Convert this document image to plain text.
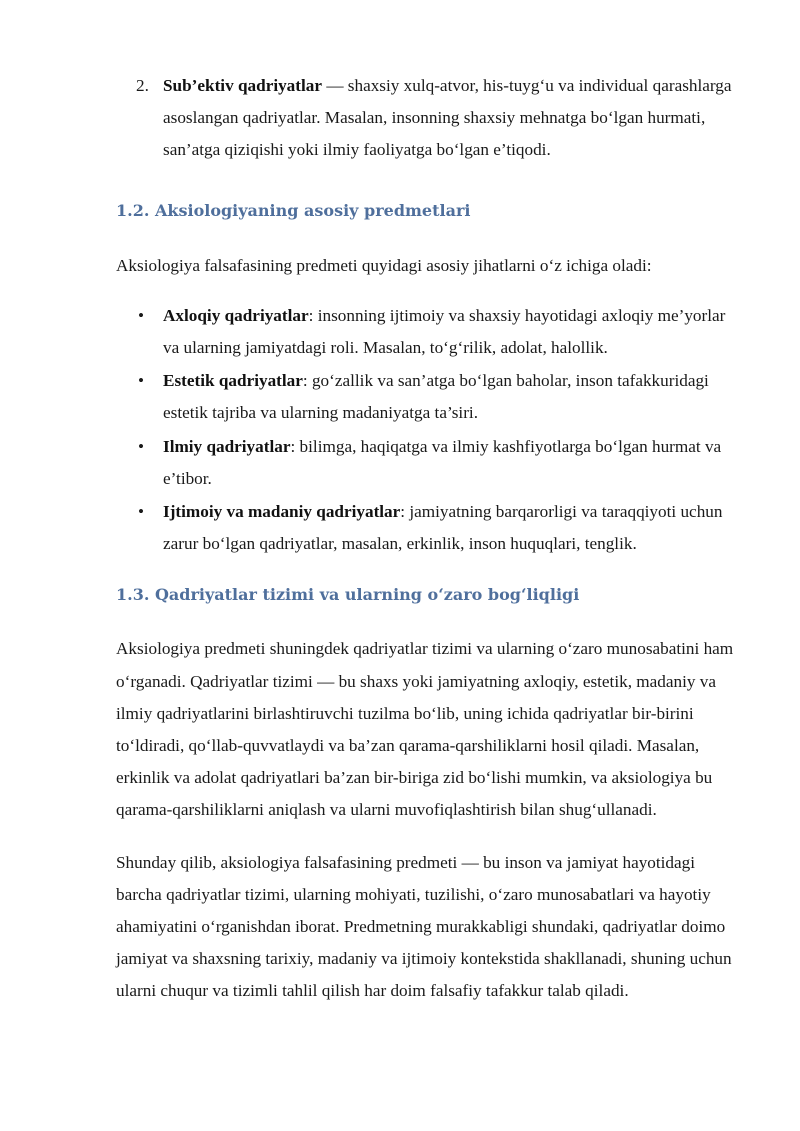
2. Sub’ektiv qadriyatlar — shaxsiy xulq-atvor, his-tuyg‘u va individual qarashlarga asoslangan qadriyatlar. Masalan, insonning shaxsiy mehnatga bo‘lgan hurmati, san’atga qiziqishi yoki ilmiy faoliyatga bo‘lgan e’tiqodi.

1.2. Aksiologiyaning asosiy predmetlari

Aksiologiya falsafasining predmeti quyidagi asosiy jihatlarni o‘z ichiga oladi:

• Axloqiy qadriyatlar: insonning ijtimoiy va shaxsiy hayotidagi axloqiy me’yorlar va ularning jamiyatdagi roli. Masalan, to‘g‘rilik, adolat, halollik.
• Estetik qadriyatlar: go‘zallik va san’atga bo‘lgan baholar, inson tafakkuridagi estetik tajriba va ularning madaniyatga ta’siri.
• Ilmiy qadriyatlar: bilimga, haqiqatga va ilmiy kashfiyotlarga bo‘lgan hurmat va e’tibor.
• Ijtimoiy va madaniy qadriyatlar: jamiyatning barqarorligi va taraqqiyoti uchun zarur bo‘lgan qadriyatlar, masalan, erkinlik, inson huquqlari, tenglik.
1.3. Qadriyatlar tizimi va ularning o‘zaro bog‘liqligi

Aksiologiya predmeti shuningdek qadriyatlar tizimi va ularning o‘zaro munosabatini ham o‘rganadi. Qadriyatlar tizimi — bu shaxs yoki jamiyatning axloqiy, estetik, madaniy va ilmiy qadriyatlarini birlashtiruvchi tuzilma bo‘lib, uning ichida qadriyatlar bir-birini to‘ldiradi, qo‘llab-quvvatlaydi va ba’zan qarama-qarshiliklarni hosil qiladi. Masalan, erkinlik va adolat qadriyatlari ba’zan bir-biriga zid bo‘lishi mumkin, va aksiologiya bu qarama-qarshiliklarni aniqlash va ularni muvofiqlashtirish bilan shug‘ullanadi.

Shunday qilib, aksiologiya falsafasining predmeti — bu inson va jamiyat hayotidagi barcha qadriyatlar tizimi, ularning mohiyati, tuzilishi, o‘zaro munosabatlari va hayotiy ahamiyatini o‘rganishdan iborat. Predmetning murakkabligi shundaki, qadriyatlar doimo jamiyat va shaxsning tarixiy, madaniy va ijtimoiy kontekstida shakllanadi, shuning uchun ularni chuqur va tizimli tahlil qilish har doim falsafiy tafakkur talab qiladi.
